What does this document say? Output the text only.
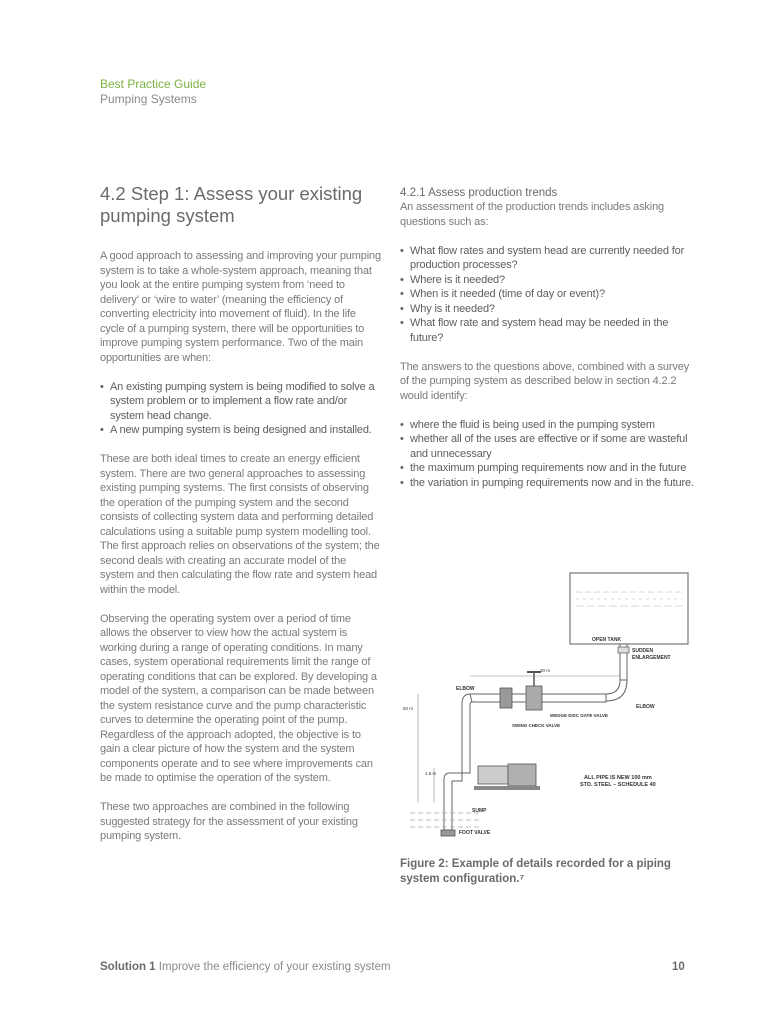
Best Practice Guide
Pumping Systems
4.2 Step 1: Assess your existing pumping system

A good approach to assessing and improving your pumping system is to take a whole-system approach, meaning that you look at the entire pumping system from ‘need to delivery’ or ‘wire to water’ (meaning the efficiency of converting electricity into movement of fluid). In the life cycle of a pumping system, there will be opportunities to improve pumping system performance. Two of the main opportunities are when:

• An existing pumping system is being modified to solve a system problem or to implement a flow rate and/or system head change.
• A new pumping system is being designed and installed.

These are both ideal times to create an energy efficient system. There are two general approaches to assessing existing pumping systems. The first consists of observing the operation of the pumping system and the second consists of collecting system data and performing detailed calculations using a suitable pump system modelling tool. The first approach relies on observations of the system; the second deals with creating an accurate model of the system and then calculating the flow rate and system head within the model.

Observing the operating system over a period of time allows the observer to view how the actual system is working during a range of operating conditions. In many cases, system operational requirements limit the range of operating conditions that can be explored. By developing a model of the system, a comparison can be made between the system resistance curve and the pump characteristic curves to determine the operating point of the pump. Regardless of the approach adopted, the objective is to gain a clear picture of how the system and the system components operate and to see where improvements can be made to optimise the operation of the system.

These two approaches are combined in the following suggested strategy for the assessment of your existing pumping system.

4.2.1 Assess production trends

An assessment of the production trends includes asking questions such as:

• What flow rates and system head are currently needed for production processes?
• Where is it needed?
• When is it needed (time of day or event)?
• Why is it needed?
• What flow rate and system head may be needed in the future?

The answers to the questions above, combined with a survey of the pumping system as described below in section 4.2.2 would identify:

• where the fluid is being used in the pumping system
• whether all of the uses are effective or if some are wasteful and unnecessary
• the maximum pumping requirements now and in the future
• the variation in pumping requirements now and in the future.
OPEN TANK
SUDDEN
ENLARGEMENT
30 m
ELBOW
ELBOW
WEDGE DISC GATE VALVE
SWING CHECK VALVE
50 m
1.8 m
SUMP
FOOT VALVE
ALL PIPE IS NEW 100 mm
STD. STEEL – SCHEDULE 40
Figure 2: Example of details recorded for a piping system configuration.⁷
Solution 1 Improve the efficiency of your existing system	10
